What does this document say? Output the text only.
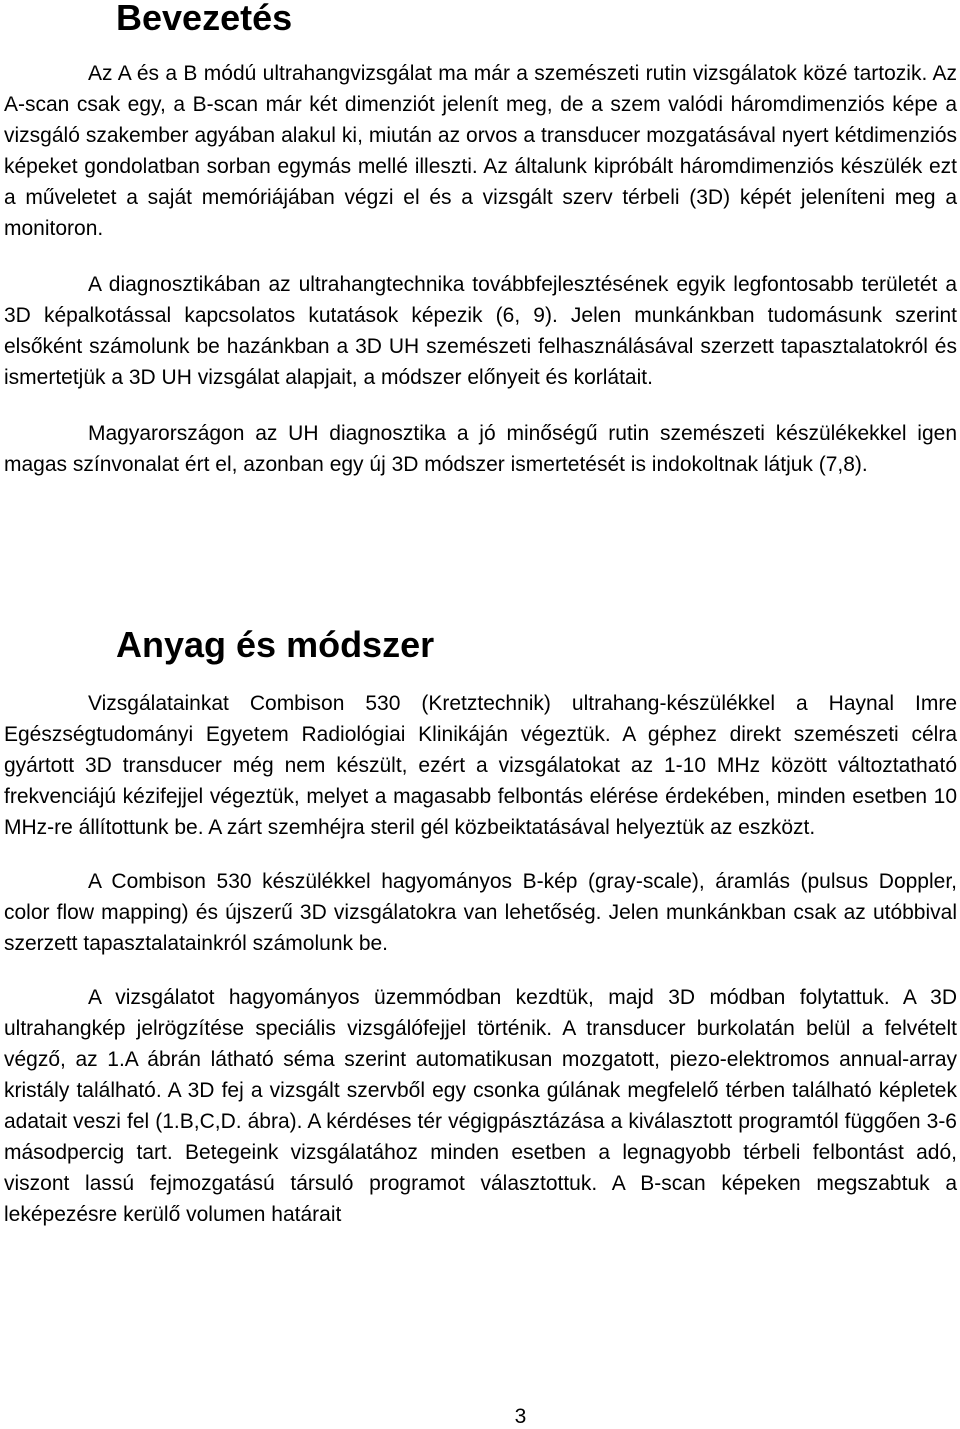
Bevezetés

Az A és a B módú ultrahangvizsgálat ma már a szemészeti rutin vizsgálatok közé tartozik. Az A-scan csak egy, a B-scan már két dimenziót jelenít meg, de a szem valódi háromdimenziós képe a vizsgáló szakember agyában alakul ki, miután az orvos a transducer mozgatásával nyert kétdimenziós képeket gondolatban sorban egymás mellé illeszti. Az általunk kipróbált háromdimenziós készülék ezt a műveletet a saját memóriájában végzi el és a vizsgált szerv térbeli (3D) képét jeleníteni meg a monitoron.

A diagnosztikában az ultrahangtechnika továbbfejlesztésének egyik legfontosabb területét a 3D képalkotással kapcsolatos kutatások képezik (6, 9). Jelen munkánkban tudomásunk szerint elsőként számolunk be hazánkban a 3D UH szemészeti felhasználásával szerzett tapasztalatokról és ismertetjük a 3D UH vizsgálat alapjait, a módszer előnyeit és korlátait.

Magyarországon az UH diagnosztika a jó minőségű rutin szemészeti készülékekkel igen magas színvonalat ért el, azonban egy új 3D módszer ismertetését is indokoltnak látjuk (7,8).

Anyag és módszer

Vizsgálatainkat Combison 530 (Kretztechnik) ultrahang-készülékkel a Haynal Imre Egészségtudományi Egyetem Radiológiai Klinikáján végeztük. A géphez direkt szemészeti célra gyártott 3D transducer még nem készült, ezért a vizsgálatokat az 1-10 MHz között változtatható frekvenciájú kézifejjel végeztük, melyet a magasabb felbontás elérése érdekében, minden esetben 10 MHz-re állítottunk be. A zárt szemhéjra steril gél közbeiktatásával helyeztük az eszközt.

A Combison 530 készülékkel hagyományos B-kép (gray-scale), áramlás (pulsus Doppler, color flow mapping) és újszerű 3D vizsgálatokra van lehetőség. Jelen munkánkban csak az utóbbival szerzett tapasztalatainkról számolunk be.

A vizsgálatot hagyományos üzemmódban kezdtük, majd 3D módban folytattuk. A 3D ultrahangkép jelrögzítése speciális vizsgálófejjel történik. A transducer burkolatán belül a felvételt végző, az 1.A ábrán látható séma szerint automatikusan mozgatott, piezo-elektromos annual-array kristály található. A 3D fej a vizsgált szervből egy csonka gúlának megfelelő térben található képletek adatait veszi fel (1.B,C,D. ábra). A kérdéses tér végigpásztázása a kiválasztott programtól függően 3-6 másodpercig tart. Betegeink vizsgálatához minden esetben a legnagyobb térbeli felbontást adó, viszont lassú fejmozgatású társuló programot választottuk. A B-scan képeken megszabtuk a leképezésre kerülő volumen határait

3
